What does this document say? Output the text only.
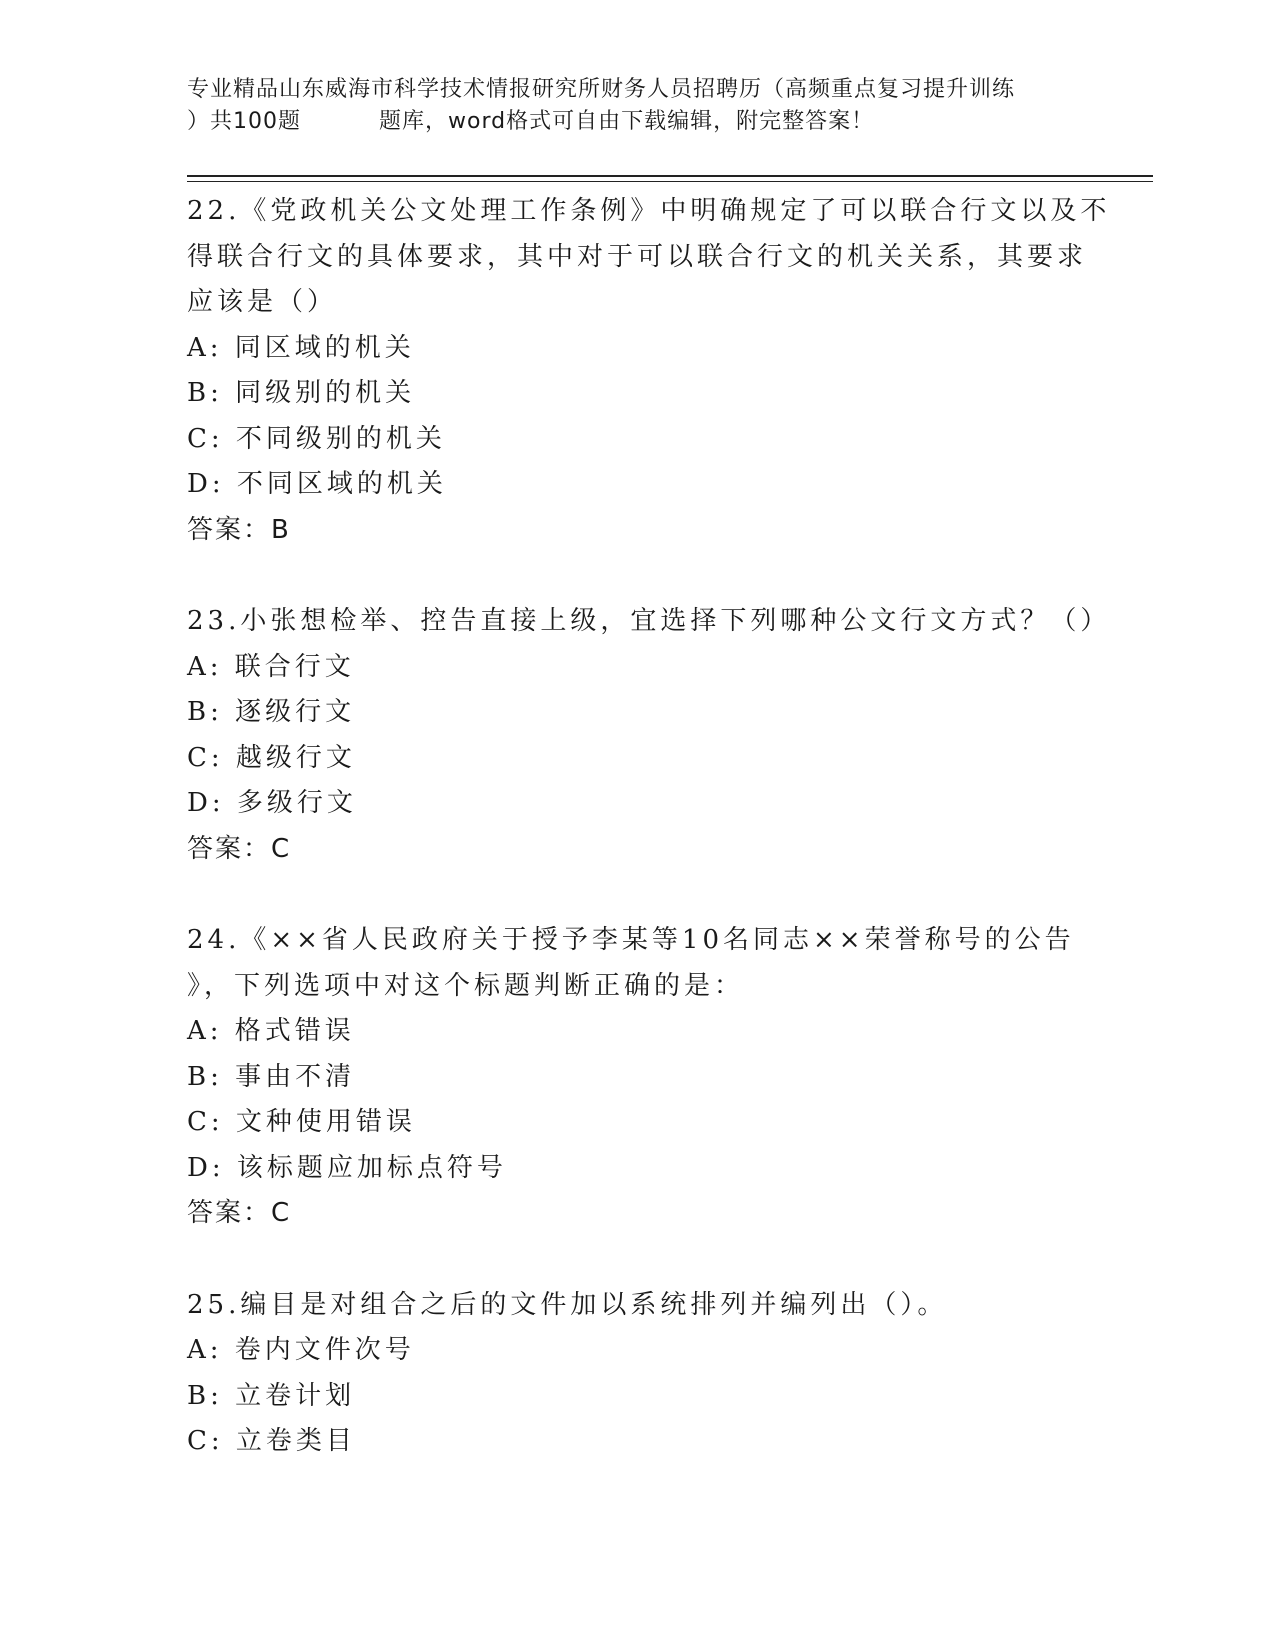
专业精品山东威海市科学技术情报研究所财务人员招聘历（高频重点复习提升训练
）共100题	题库，word格式可自由下载编辑，附完整答案！
22.《党政机关公文处理工作条例》中明确规定了可以联合行文以及不
得联合行文的具体要求，其中对于可以联合行文的机关关系，其要求
应该是（）
A: 同区域的机关
B: 同级别的机关
C: 不同级别的机关
D: 不同区域的机关
答案：B
23.小张想检举、控告直接上级，宜选择下列哪种公文行文方式？（）
A: 联合行文
B: 逐级行文
C: 越级行文
D: 多级行文
答案：C
24.《××省人民政府关于授予李某等10名同志××荣誉称号的公告
》，下列选项中对这个标题判断正确的是：
A: 格式错误
B: 事由不清
C: 文种使用错误
D: 该标题应加标点符号
答案：C
25.编目是对组合之后的文件加以系统排列并编列出（）。
A: 卷内文件次号
B: 立卷计划
C: 立卷类目
